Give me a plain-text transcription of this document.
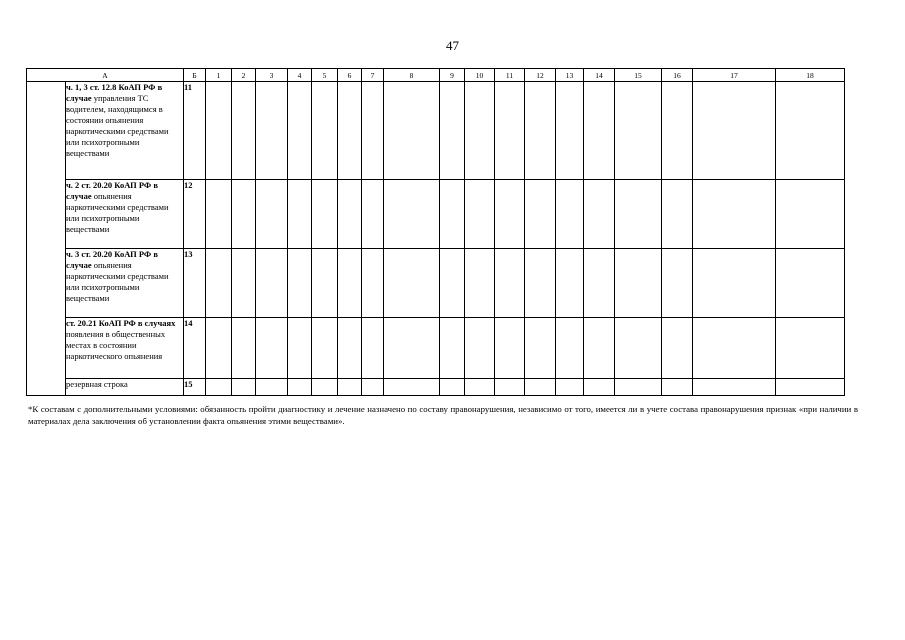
47
А		Б	1	2	3	4	5	6	7	8	9	10	11	12	13	14	15	16	17	18
	ч. 1, 3 ст. 12.8 КоАП РФ в случае управления ТС водителем, находящимся в состоянии опьянения наркотическими средствами или психотропными веществами	11																		
	ч. 2 ст. 20.20 КоАП РФ в случае опьянения наркотическими средствами или психотропными веществами	12																		
	ч. 3 ст. 20.20 КоАП РФ в случае опьянения наркотическими средствами или психотропными веществами	13																		
	ст. 20.21 КоАП РФ в случаях появления в общественных местах в состоянии наркотического опьянения	14																		
	резервная строка	15																		
*К составам с дополнительными условиями: обязанность пройти диагностику и лечение назначено по составу правонарушения, независимо от того, имеется ли в учете состава правонарушения признак «при наличии в материалах дела заключения об установлении факта опьянения этими веществами».
